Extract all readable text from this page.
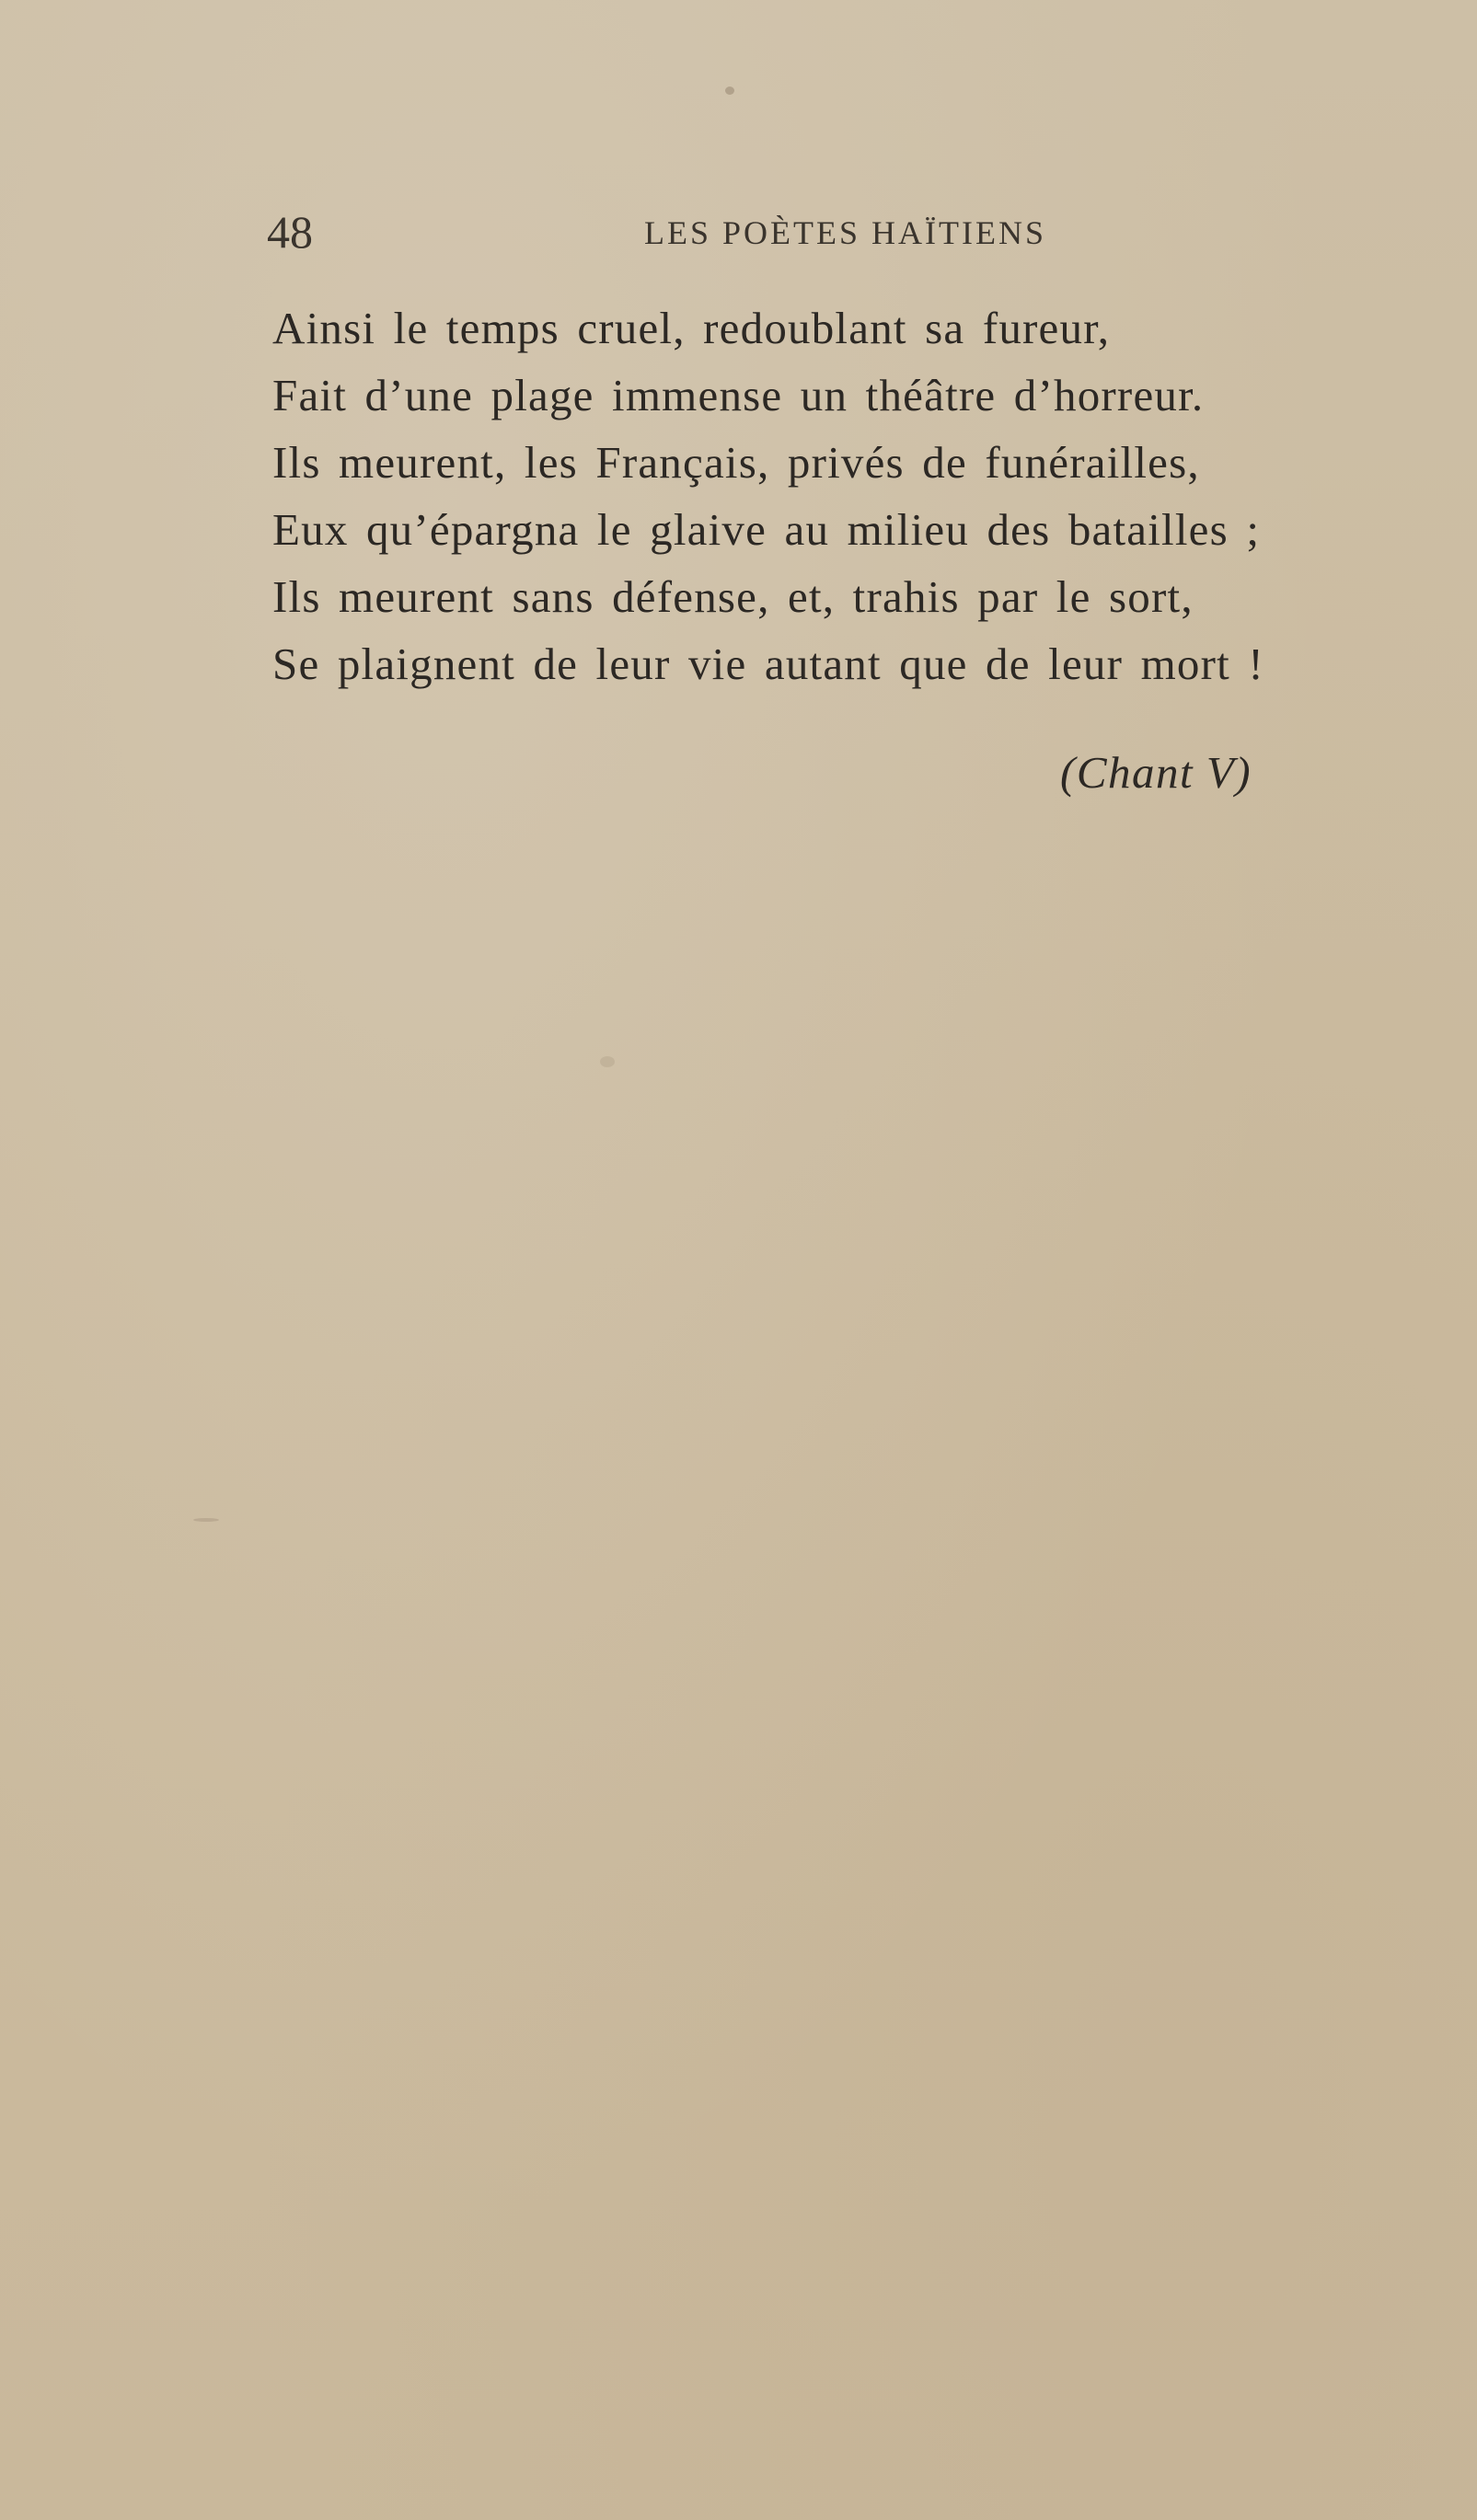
48	LES POÈTES HAÏTIENS
Ainsi le temps cruel, redoublant sa fureur,
Fait d’une plage immense un théâtre d’horreur.
Ils meurent, les Français, privés de funérailles,
Eux qu’épargna le glaive au milieu des batailles ;
Ils meurent sans défense, et, trahis par le sort,
Se plaignent de leur vie autant que de leur mort !
(Chant V)
